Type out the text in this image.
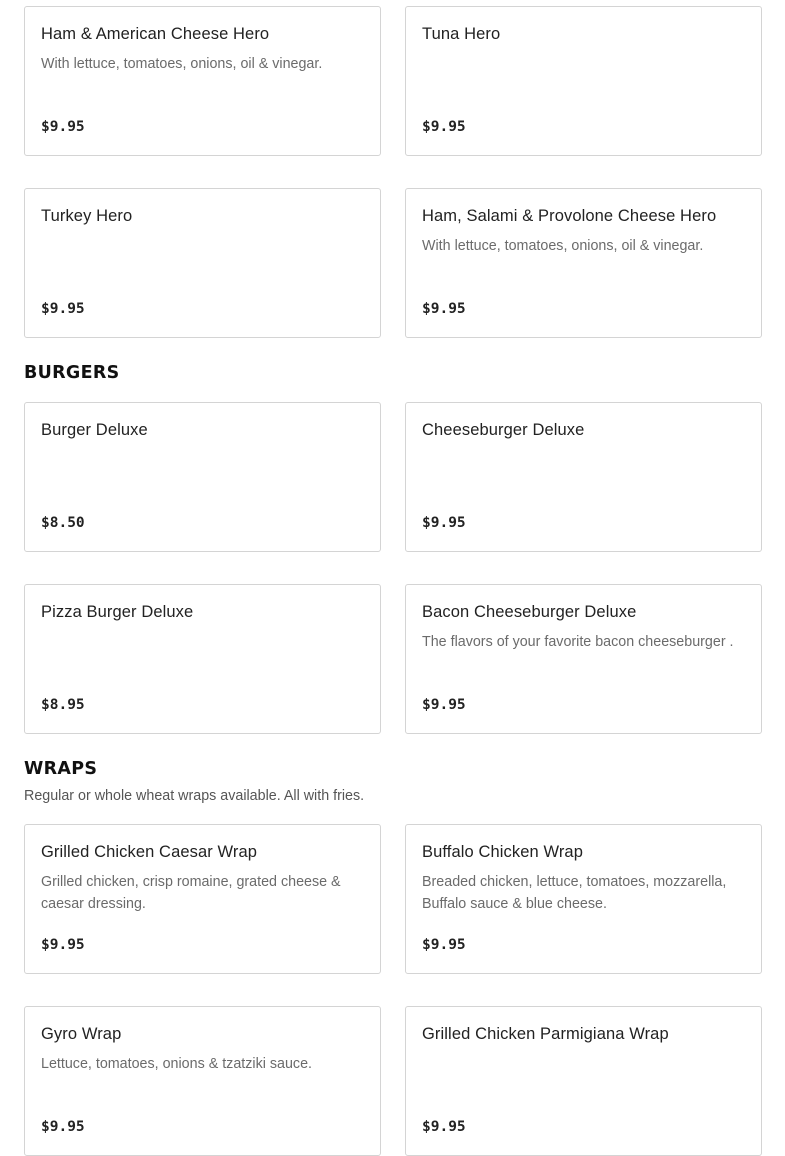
Ham & American Cheese Hero
With lettuce, tomatoes, onions, oil & vinegar.
$9.95
Tuna Hero
$9.95
Turkey Hero
$9.95
Ham, Salami & Provolone Cheese Hero
With lettuce, tomatoes, onions, oil & vinegar.
$9.95
BURGERS
Burger Deluxe
$8.50
Cheeseburger Deluxe
$9.95
Pizza Burger Deluxe
$8.95
Bacon Cheeseburger Deluxe
The flavors of your favorite bacon cheeseburger .
$9.95
WRAPS

Regular or whole wheat wraps available. All with fries.

Grilled Chicken Caesar Wrap
Grilled chicken, crisp romaine, grated cheese & caesar dressing.
$9.95
Buffalo Chicken Wrap
Breaded chicken, lettuce, tomatoes, mozzarella, Buffalo sauce & blue cheese.
$9.95
Gyro Wrap
Lettuce, tomatoes, onions & tzatziki sauce.
$9.95
Grilled Chicken Parmigiana Wrap
$9.95
